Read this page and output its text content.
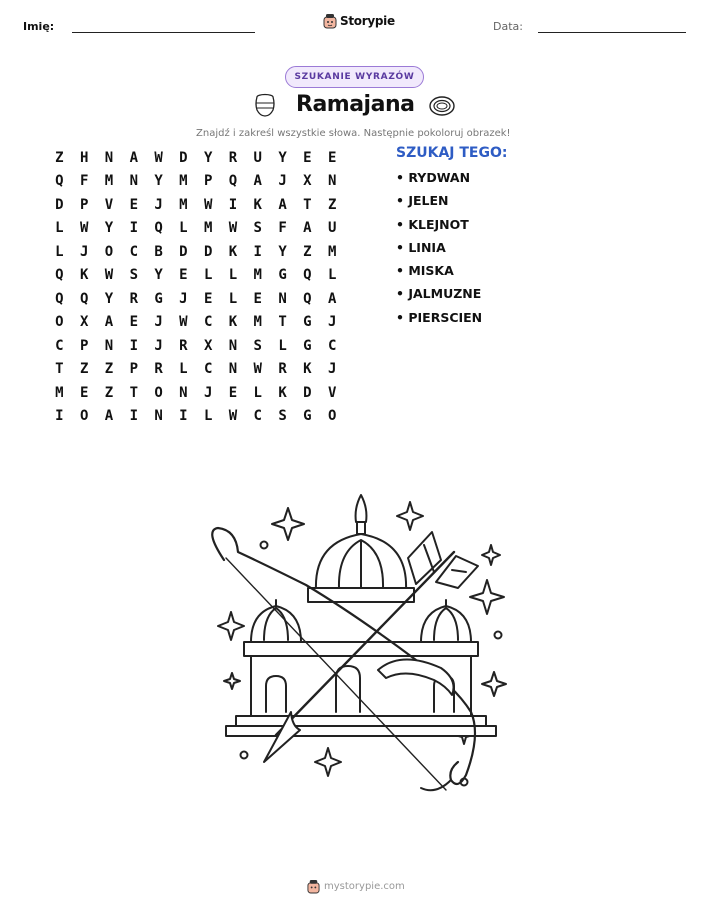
Imię:	Storypie	Data:
SZUKANIE WYRAZÓW
Ramajana
Znajdź i zakreśl wszystkie słowa. Następnie pokoloruj obrazek!
Z	H	N	A	W	D	Y	R	U	Y	E	E
Q	F	M	N	Y	M	P	Q	A	J	X	N
D	P	V	E	J	M	W	I	K	A	T	Z
L	W	Y	I	Q	L	M	W	S	F	A	U
L	J	O	C	B	D	D	K	I	Y	Z	M
Q	K	W	S	Y	E	L	L	M	G	Q	L
Q	Q	Y	R	G	J	E	L	E	N	Q	A
O	X	A	E	J	W	C	K	M	T	G	J
C	P	N	I	J	R	X	N	S	L	G	C
T	Z	Z	P	R	L	C	N	W	R	K	J
M	E	Z	T	O	N	J	E	L	K	D	V
I	O	A	I	N	I	L	W	C	S	G	O
SZUKAJ TEGO:
• RYDWAN
• JELEN
• KLEJNOT
• LINIA
• MISKA
• JALMUZNE
• PIERSCIEN
mystorypie.com
